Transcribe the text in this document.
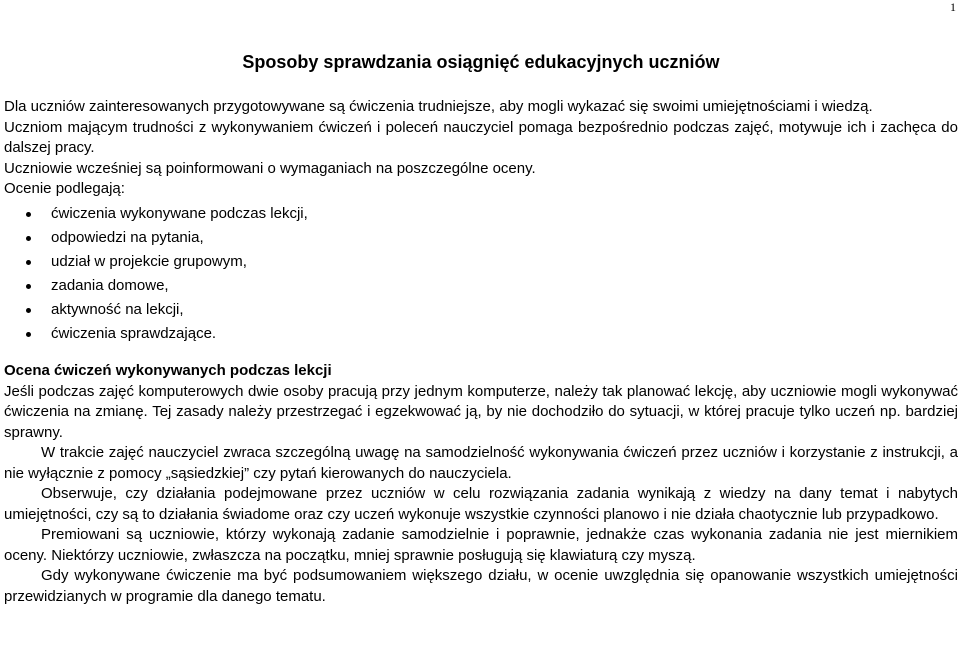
1
Sposoby sprawdzania osiągnięć edukacyjnych uczniów

Dla uczniów zainteresowanych przygotowywane są ćwiczenia trudniejsze, aby mogli wykazać się swoimi umiejętnościami i wiedzą.

Uczniom mającym trudności z wykonywaniem ćwiczeń i poleceń nauczyciel pomaga bezpośrednio podczas zajęć, motywuje ich i zachęca do dalszej pracy.

Uczniowie wcześniej są poinformowani o wymaganiach na poszczególne oceny.

Ocenie podlegają:

ćwiczenia wykonywane podczas lekcji,
odpowiedzi na pytania,
udział w projekcie grupowym,
zadania domowe,
aktywność na lekcji,
ćwiczenia sprawdzające.
Ocena ćwiczeń wykonywanych podczas lekcji

Jeśli podczas zajęć komputerowych dwie osoby pracują przy jednym komputerze, należy tak planować lekcję, aby uczniowie mogli wykonywać ćwiczenia na zmianę. Tej zasady należy przestrzegać i egzekwować ją, by nie dochodziło do sytuacji, w której pracuje tylko uczeń np. bardziej sprawny.

W trakcie zajęć nauczyciel zwraca szczególną uwagę na samodzielność wykonywania ćwiczeń przez uczniów i korzystanie z instrukcji, a nie wyłącznie z pomocy „sąsiedzkiej” czy pytań kierowanych do nauczyciela.

Obserwuje, czy działania podejmowane przez uczniów w celu rozwiązania zadania wynikają z wiedzy na dany temat i nabytych umiejętności, czy są to działania świadome oraz czy uczeń wykonuje wszystkie czynności planowo i nie działa chaotycznie lub przypadkowo.

Premiowani są uczniowie, którzy wykonają zadanie samodzielnie i poprawnie, jednakże czas wykonania zadania nie jest miernikiem oceny. Niektórzy uczniowie, zwłaszcza na początku, mniej sprawnie posługują się klawiaturą czy myszą.

Gdy wykonywane ćwiczenie ma być podsumowaniem większego działu, w ocenie uwzględnia się opanowanie wszystkich umiejętności przewidzianych w programie dla danego tematu.
